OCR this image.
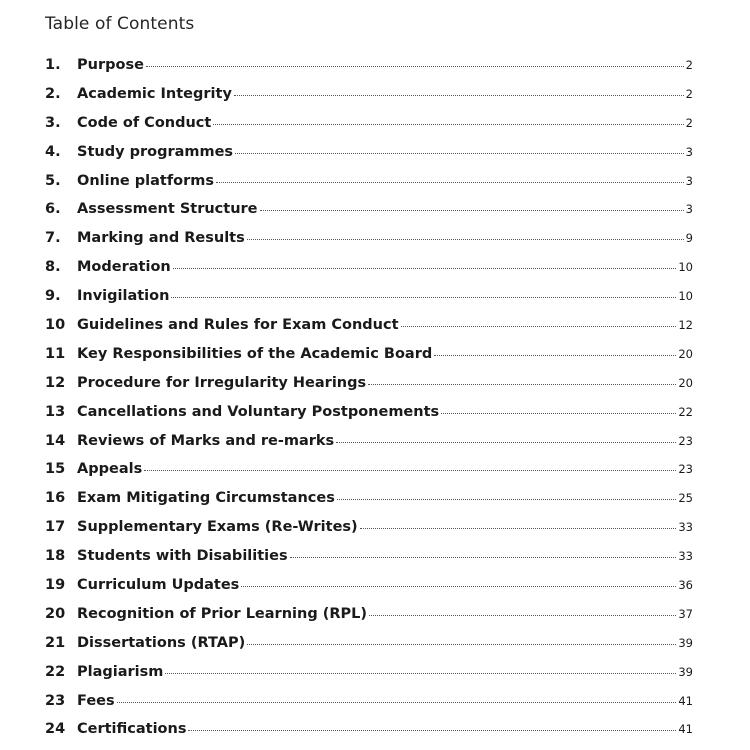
Table of Contents
1.	Purpose	2
2.	Academic Integrity	2
3.	Code of Conduct	2
4.	Study programmes	3
5.	Online platforms	3
6.	Assessment Structure	3
7.	Marking and Results	9
8.	Moderation	10
9.	Invigilation	10
10 Guidelines and Rules for Exam Conduct	12
11 Key Responsibilities of the Academic Board	20
12 Procedure for Irregularity Hearings	20
13 Cancellations and Voluntary Postponements	22
14 Reviews of Marks and re-marks	23
15 Appeals	23
16 Exam Mitigating Circumstances	25
17 Supplementary Exams (Re-Writes)	33
18 Students with Disabilities	33
19 Curriculum Updates	36
20 Recognition of Prior Learning (RPL)	37
21 Dissertations (RTAP)	39
22 Plagiarism	39
23 Fees	41
24 Certifications	41
